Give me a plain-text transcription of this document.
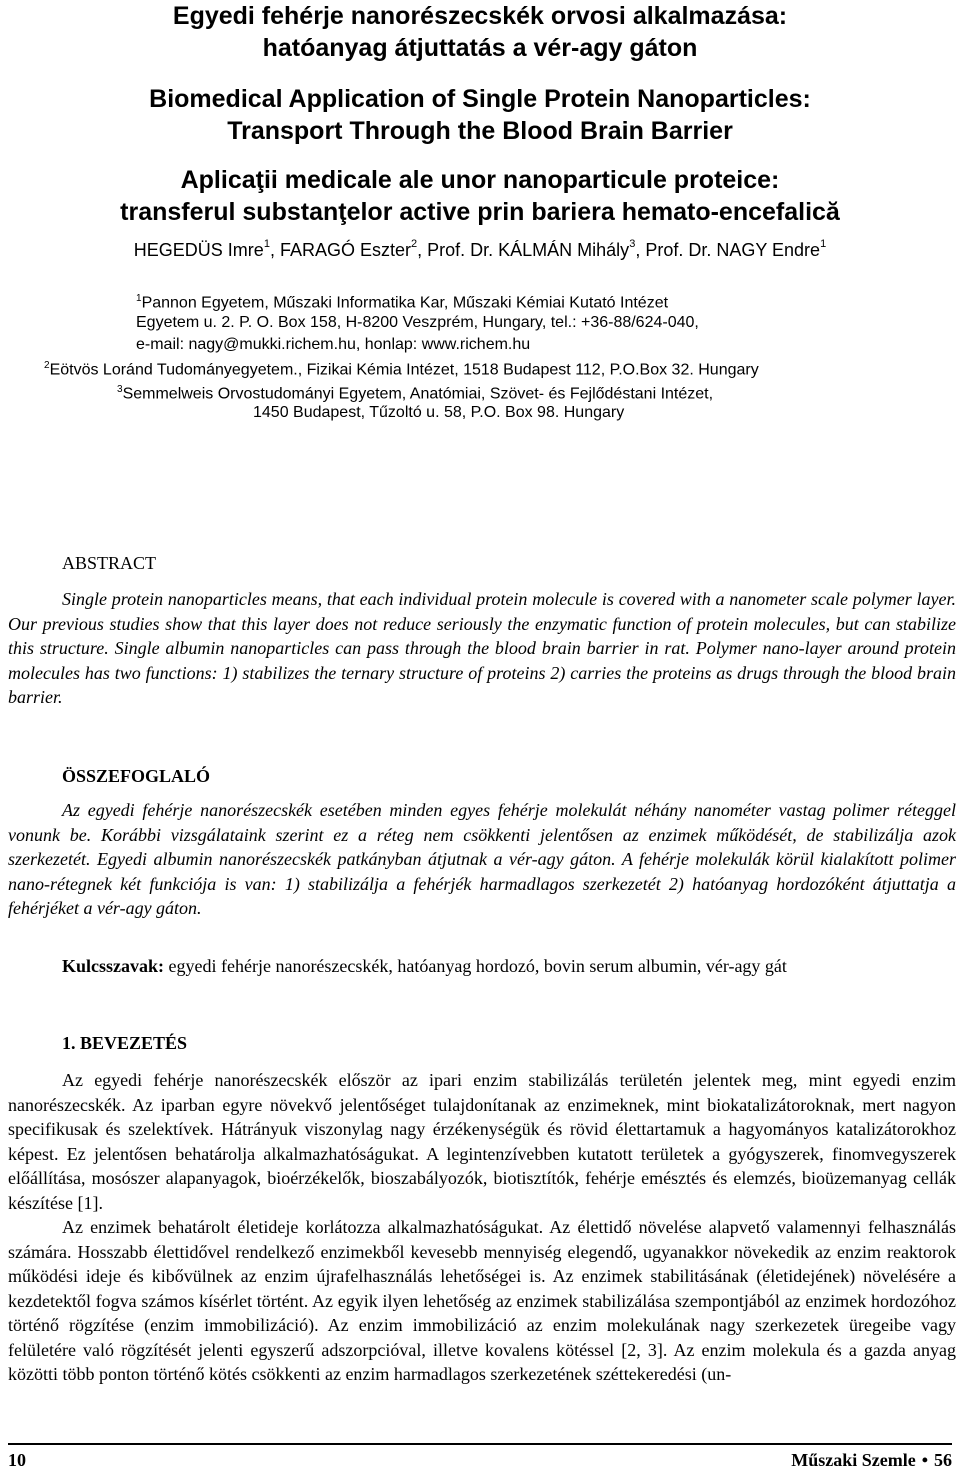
Egyedi fehérje nanorészecskék orvosi alkalmazása:
hatóanyag átjuttatás a vér-agy gáton
Biomedical Application of Single Protein Nanoparticles:
Transport Through the Blood Brain Barrier
Aplicaţii medicale ale unor nanoparticule proteice:
transferul substanţelor active prin bariera hemato-encefalică
HEGEDÜS Imre$^1$, FARAGÓ Eszter$^2$, Prof. Dr. KÁLMÁN Mihály$^3$, Prof. Dr. NAGY Endre$^1$
$^1$Pannon Egyetem, Műszaki Informatika Kar, Műszaki Kémiai Kutató Intézet
Egyetem u. 2. P. O. Box 158, H-8200 Veszprém, Hungary, tel.: +36-88/624-040,
e-mail: nagy@mukki.richem.hu, honlap: www.richem.hu
$^2$Eötvös Loránd Tudományegyetem., Fizikai Kémia Intézet, 1518 Budapest 112, P.O.Box 32. Hungary
$^3$Semmelweis Orvostudományi Egyetem, Anatómiai, Szövet- és Fejlődéstani Intézet,
1450 Budapest, Tűzoltó u. 58, P.O. Box 98. Hungary
ABSTRACT
Single protein nanoparticles means, that each individual protein molecule is covered with a nanometer scale polymer layer. Our previous studies show that this layer does not reduce seriously the enzymatic function of protein molecules, but can stabilize this structure. Single albumin nanoparticles can pass through the blood brain barrier in rat. Polymer nano-layer around protein molecules has two functions: 1) stabilizes the ternary structure of proteins 2) carries the proteins as drugs through the blood brain barrier.
ÖSSZEFOGLALÓ
Az egyedi fehérje nanorészecskék esetében minden egyes fehérje molekulát néhány nanométer vastag polimer réteggel vonunk be. Korábbi vizsgálataink szerint ez a réteg nem csökkenti jelentősen az enzimek működését, de stabilizálja azok szerkezetét. Egyedi albumin nanorészecskék patkányban átjutnak a vér-agy gáton. A fehérje molekulák körül kialakított polimer nano-rétegnek két funkciója is van: 1) stabilizálja a fehérjék harmadlagos szerkezetét 2) hatóanyag hordozóként átjuttatja a fehérjéket a vér-agy gáton.
Kulcsszavak: egyedi fehérje nanorészecskék, hatóanyag hordozó, bovin serum albumin, vér-agy gát
1. BEVEZETÉS
Az egyedi fehérje nanorészecskék először az ipari enzim stabilizálás területén jelentek meg, mint egyedi enzim nanorészecskék. Az iparban egyre növekvő jelentőséget tulajdonítanak az enzimeknek, mint biokatalizátoroknak, mert nagyon specifikusak és szelektívek. Hátrányuk viszonylag nagy érzékenységük és rövid élettartamuk a hagyományos katalizátorokhoz képest. Ez jelentősen behatárolja alkalmazhatóságukat. A legintenzívebben kutatott területek a gyógyszerek, finomvegyszerek előállítása, mosószer alapanyagok, bioérzékelők, bioszabályozók, biotisztítók, fehérje emésztés és elemzés, bioüzemanyag cellák készítése [1].
Az enzimek behatárolt életideje korlátozza alkalmazhatóságukat. Az élettidő növelése alapvető valamennyi felhasználás számára. Hosszabb élettidővel rendelkező enzimekből kevesebb mennyiség elegendő, ugyanakkor növekedik az enzim reaktorok működési ideje és kibővülnek az enzim újrafelhasználás lehetőségei is. Az enzimek stabilitásának (életidejének) növelésére a kezdetektől fogva számos kísérlet történt. Az egyik ilyen lehetőség az enzimek stabilizálása szempontjából az enzimek hordozóhoz történő rögzítése (enzim immobilizáció). Az enzim immobilizáció az enzim molekulának nagy szerkezetek üregeibe vagy felületére való rögzítését jelenti egyszerű adszorpcióval, illetve kovalens kötéssel [2, 3]. Az enzim molekula és a gazda anyag közötti több ponton történő kötés csökkenti az enzim harmadlagos szerkezetének széttekeredési (un-
10	Műszaki Szemle • 56
